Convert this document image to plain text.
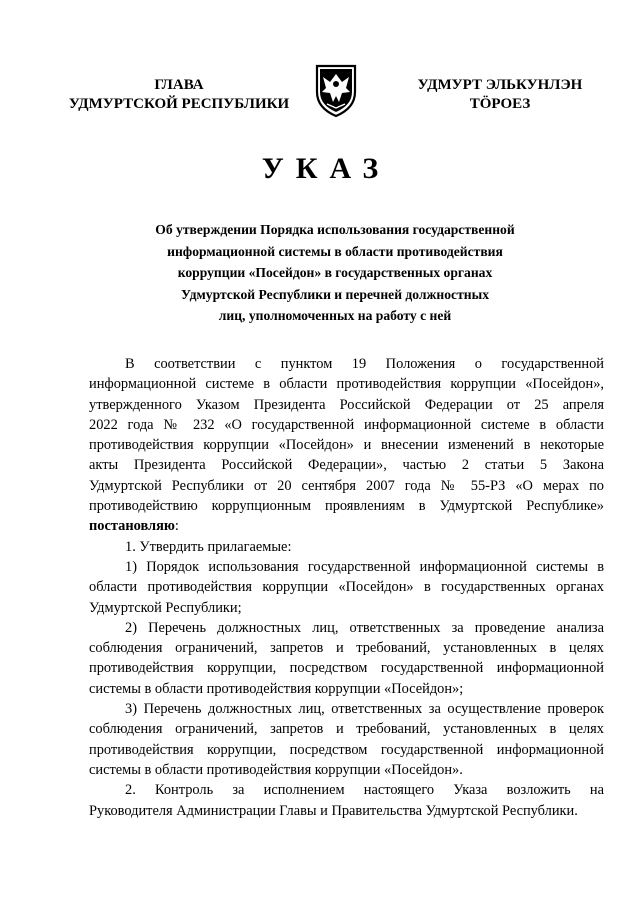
ГЛАВА
УДМУРТСКОЙ РЕСПУБЛИКИ
УДМУРТ ЭЛЬКУНЛЭН
ТӦРОЕЗ
УКАЗ
Об утверждении Порядка использования государственной
информационной системы в области противодействия
коррупции «Посейдон» в государственных органах
Удмуртской Республики и перечней должностных
лиц, уполномоченных на работу с ней
В соответствии с пунктом 19 Положения о государственной
информационной системе в области противодействия коррупции «Посейдон»,
утвержденного Указом Президента Российской Федерации от 25 апреля
2022 года № 232 «О государственной информационной системе в области
противодействия коррупции «Посейдон» и внесении изменений в некоторые
акты Президента Российской Федерации», частью 2 статьи 5 Закона
Удмуртской Республики от 20 сентября 2007 года № 55-РЗ «О мерах по
противодействию коррупционным проявлениям в Удмуртской Республике»
постановляю:
1. Утвердить прилагаемые:
1) Порядок использования государственной информационной системы в
области противодействия коррупции «Посейдон» в государственных органах
Удмуртской Республики;
2) Перечень должностных лиц, ответственных за проведение анализа
соблюдения ограничений, запретов и требований, установленных в целях
противодействия коррупции, посредством государственной информационной
системы в области противодействия коррупции «Посейдон»;
3) Перечень должностных лиц, ответственных за осуществление проверок
соблюдения ограничений, запретов и требований, установленных в целях
противодействия коррупции, посредством государственной информационной
системы в области противодействия коррупции «Посейдон».
2. Контроль за исполнением настоящего Указа возложить на
Руководителя Администрации Главы и Правительства Удмуртской Республики.
